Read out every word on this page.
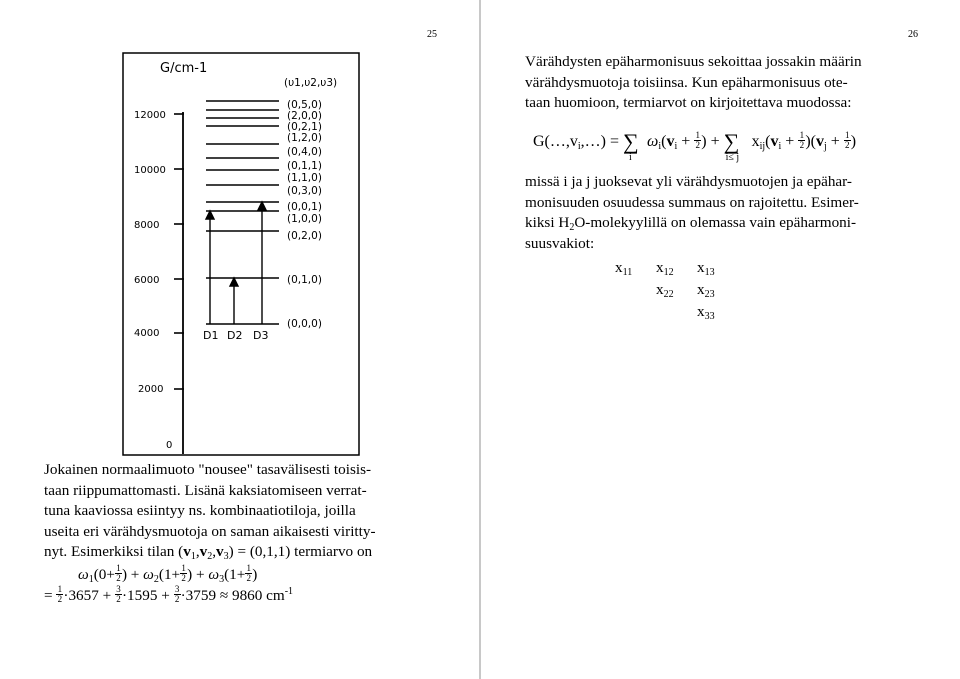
25
12000
10000
8000
6000
4000
2000
0
G/cm-1
(υ1,υ2,υ3)
D1 D2 D3
(0,5,0)
(2,0,0)
(0,2,1)
(1,2,0)
(0,4,0)
(0,1,1)
(1,1,0)
(0,3,0)
(0,0,1)
(1,0,0)
(0,2,0)
(0,1,0)
(0,0,0)
Jokainen normaalimuoto "nousee" tasavälisesti toisis-
taan riippumattomasti. Lisänä kaksiatomiseen verrat-
tuna kaaviossa esiintyy ns. kombinaatiotiloja, joilla
useita eri värähdysmuotoja on saman aikaisesti viritty-
nyt. Esimerkiksi tilan $(v_1,v_2,v_3) = (0,1,1)$ termiarvo on
$\omega_1(0+ \frac{1}{2}$ ) + $\omega_2(1+ \frac{1}{2}$ ) + $\omega_3(1+ \frac{1}{2}$ )
= $\frac{1}{2} \cdot 3657 + \frac{3}{2} \cdot 1595 + \frac{3}{2} \cdot 3759 \approx 9860$ $cm^{-1}$
26
Värähdysten epäharmonisuus sekoittaa jossakin määrin
värähdysmuotoja toisiinsa. Kun epäharmonisuus ote-
taan huomioon, termiarvot on kirjoitettava muodossa:
$G(\dots,v_i,\dots)$ = ∑
i
$\omega_i(v_i + \frac{1}{2}$ ) + ∑
i≤ j
$x_{ij}(v_i + \frac{1}{2} )(v_j + \frac{1}{2}$ )
missä i ja j juoksevat yli värähdysmuotojen ja epähar-
monisuuden osuudessa summaus on rajoitettu. Esimer-
kiksi $H_2O$-molekyylillä on olemassa vain epäharmoni-
suusvakiot:
$x_{11}$ $x_{12}$ $x_{13}$
$x_{22}$ $x_{23}$
$x_{33}$
